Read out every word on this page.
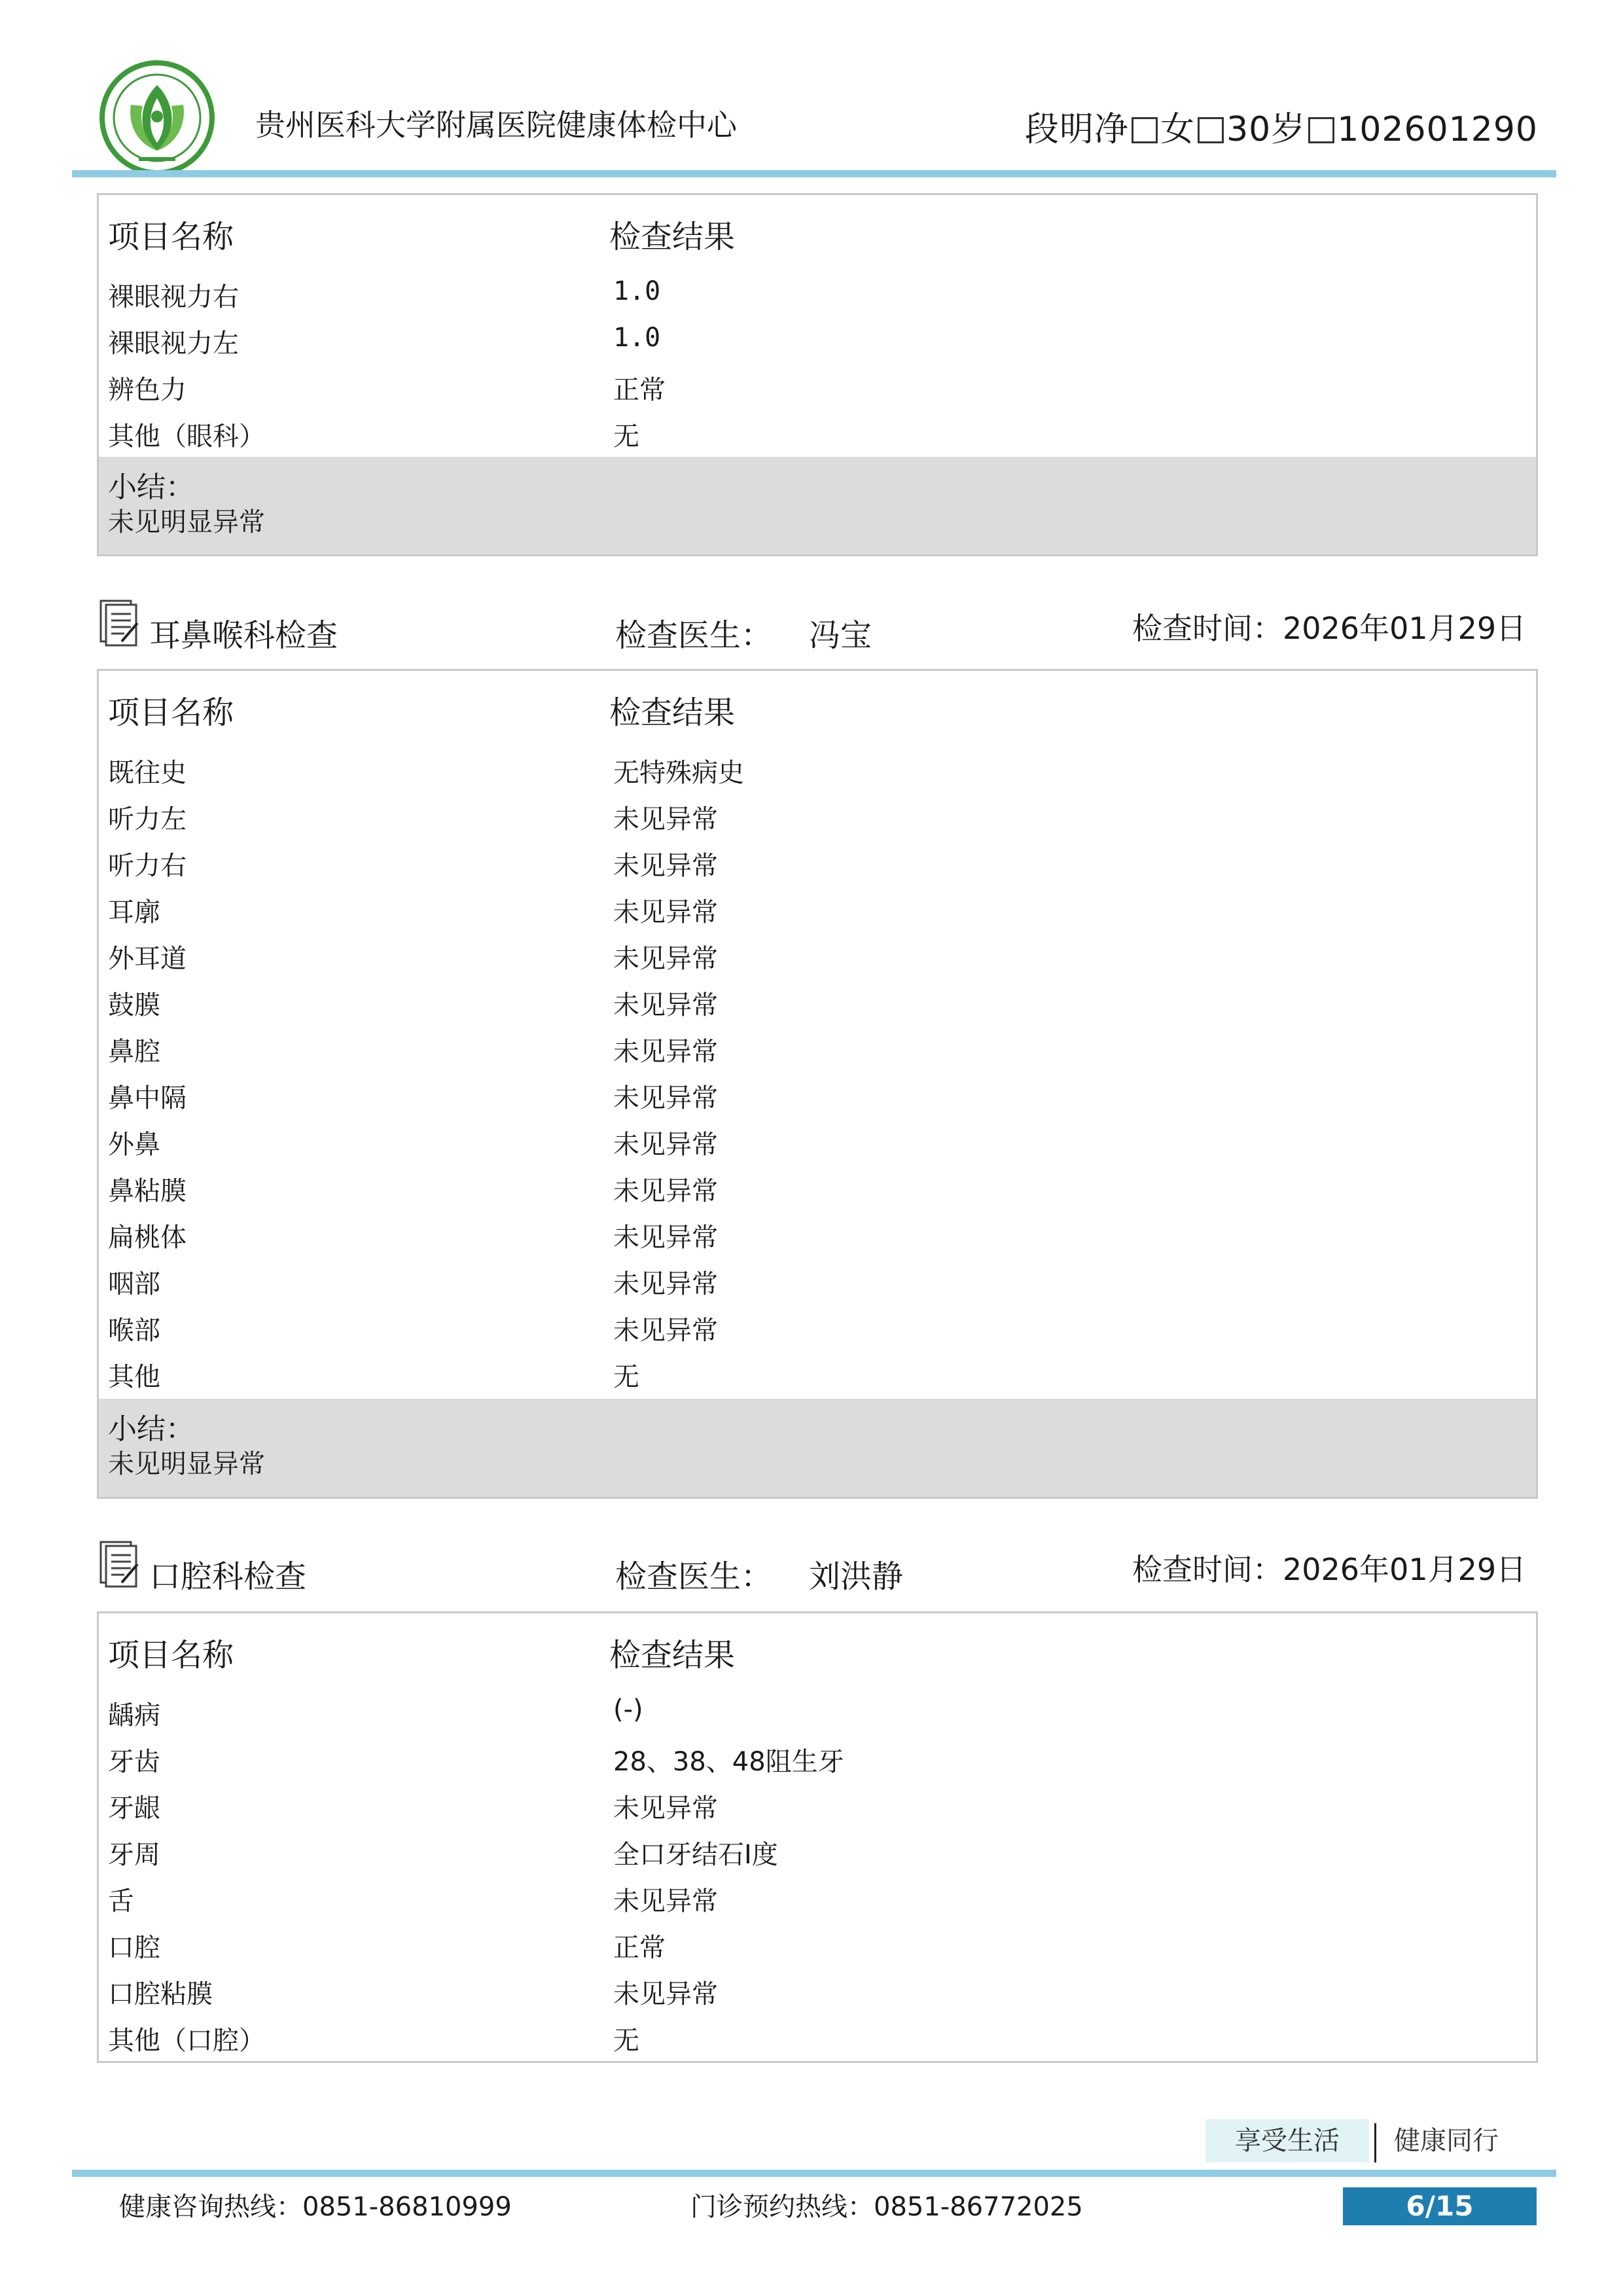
贵州医科大学附属医院健康体检中心	段明净 女 30岁 102601290
项目名称	检查结果
裸眼视力右	1.0
裸眼视力左	1.0
辨色力	正常
其他（眼科）	无
小结：
未见明显异常
耳鼻喉科检查	检查医生： 冯宝	检查时间：2026年01月29日
项目名称	检查结果
既往史	无特殊病史
听力左	未见异常
听力右	未见异常
耳廓	未见异常
外耳道	未见异常
鼓膜	未见异常
鼻腔	未见异常
鼻中隔	未见异常
外鼻	未见异常
鼻粘膜	未见异常
扁桃体	未见异常
咽部	未见异常
喉部	未见异常
其他	无
小结：
未见明显异常
口腔科检查	检查医生： 刘洪静	检查时间：2026年01月29日
项目名称	检查结果
龋病	(-)
牙齿	28、38、48阻生牙
牙龈	未见异常
牙周	全口牙结石Ⅰ度
舌	未见异常
口腔	正常
口腔粘膜	未见异常
其他（口腔）	无
享受生活	健康同行
健康咨询热线：0851-86810999	门诊预约热线：0851-86772025	6/15
